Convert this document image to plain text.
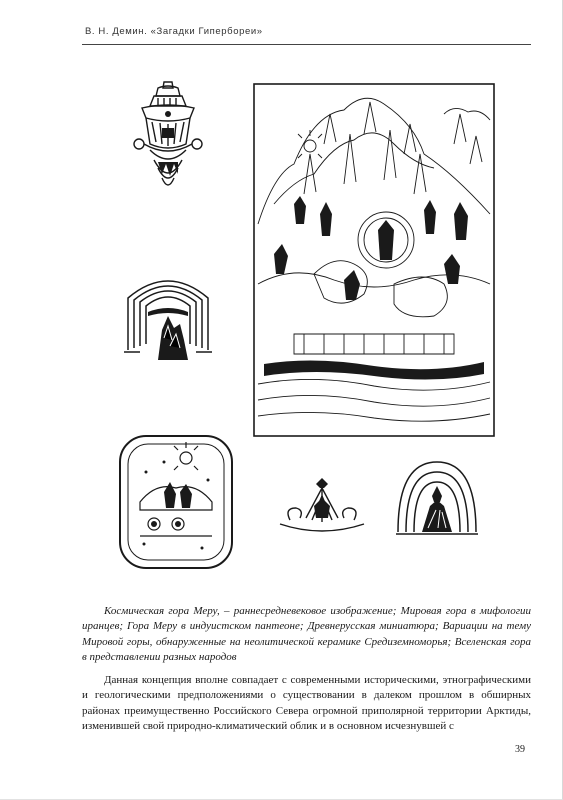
В. Н. Демин. «Загадки Гипербореи»
Космическая гора Меру, – раннесредневековое изображение; Мировая гора в мифологии иранцев; Гора Меру в индуистском пантеоне; Древнерусская миниатюра; Вариации на тему Мировой горы, обнаруженные на неолитической керамике Средиземноморья; Вселенская гора в представлении разных народов
Данная концепция вполне совпадает с современными историческими, этнографическими и геологическими предположениями о существовании в далеком прошлом в обширных районах преимущественно Российского Севера огромной приполярной территории Арктиды, изменившей свой природно-климатический облик и в основном исчезнувшей с
39
